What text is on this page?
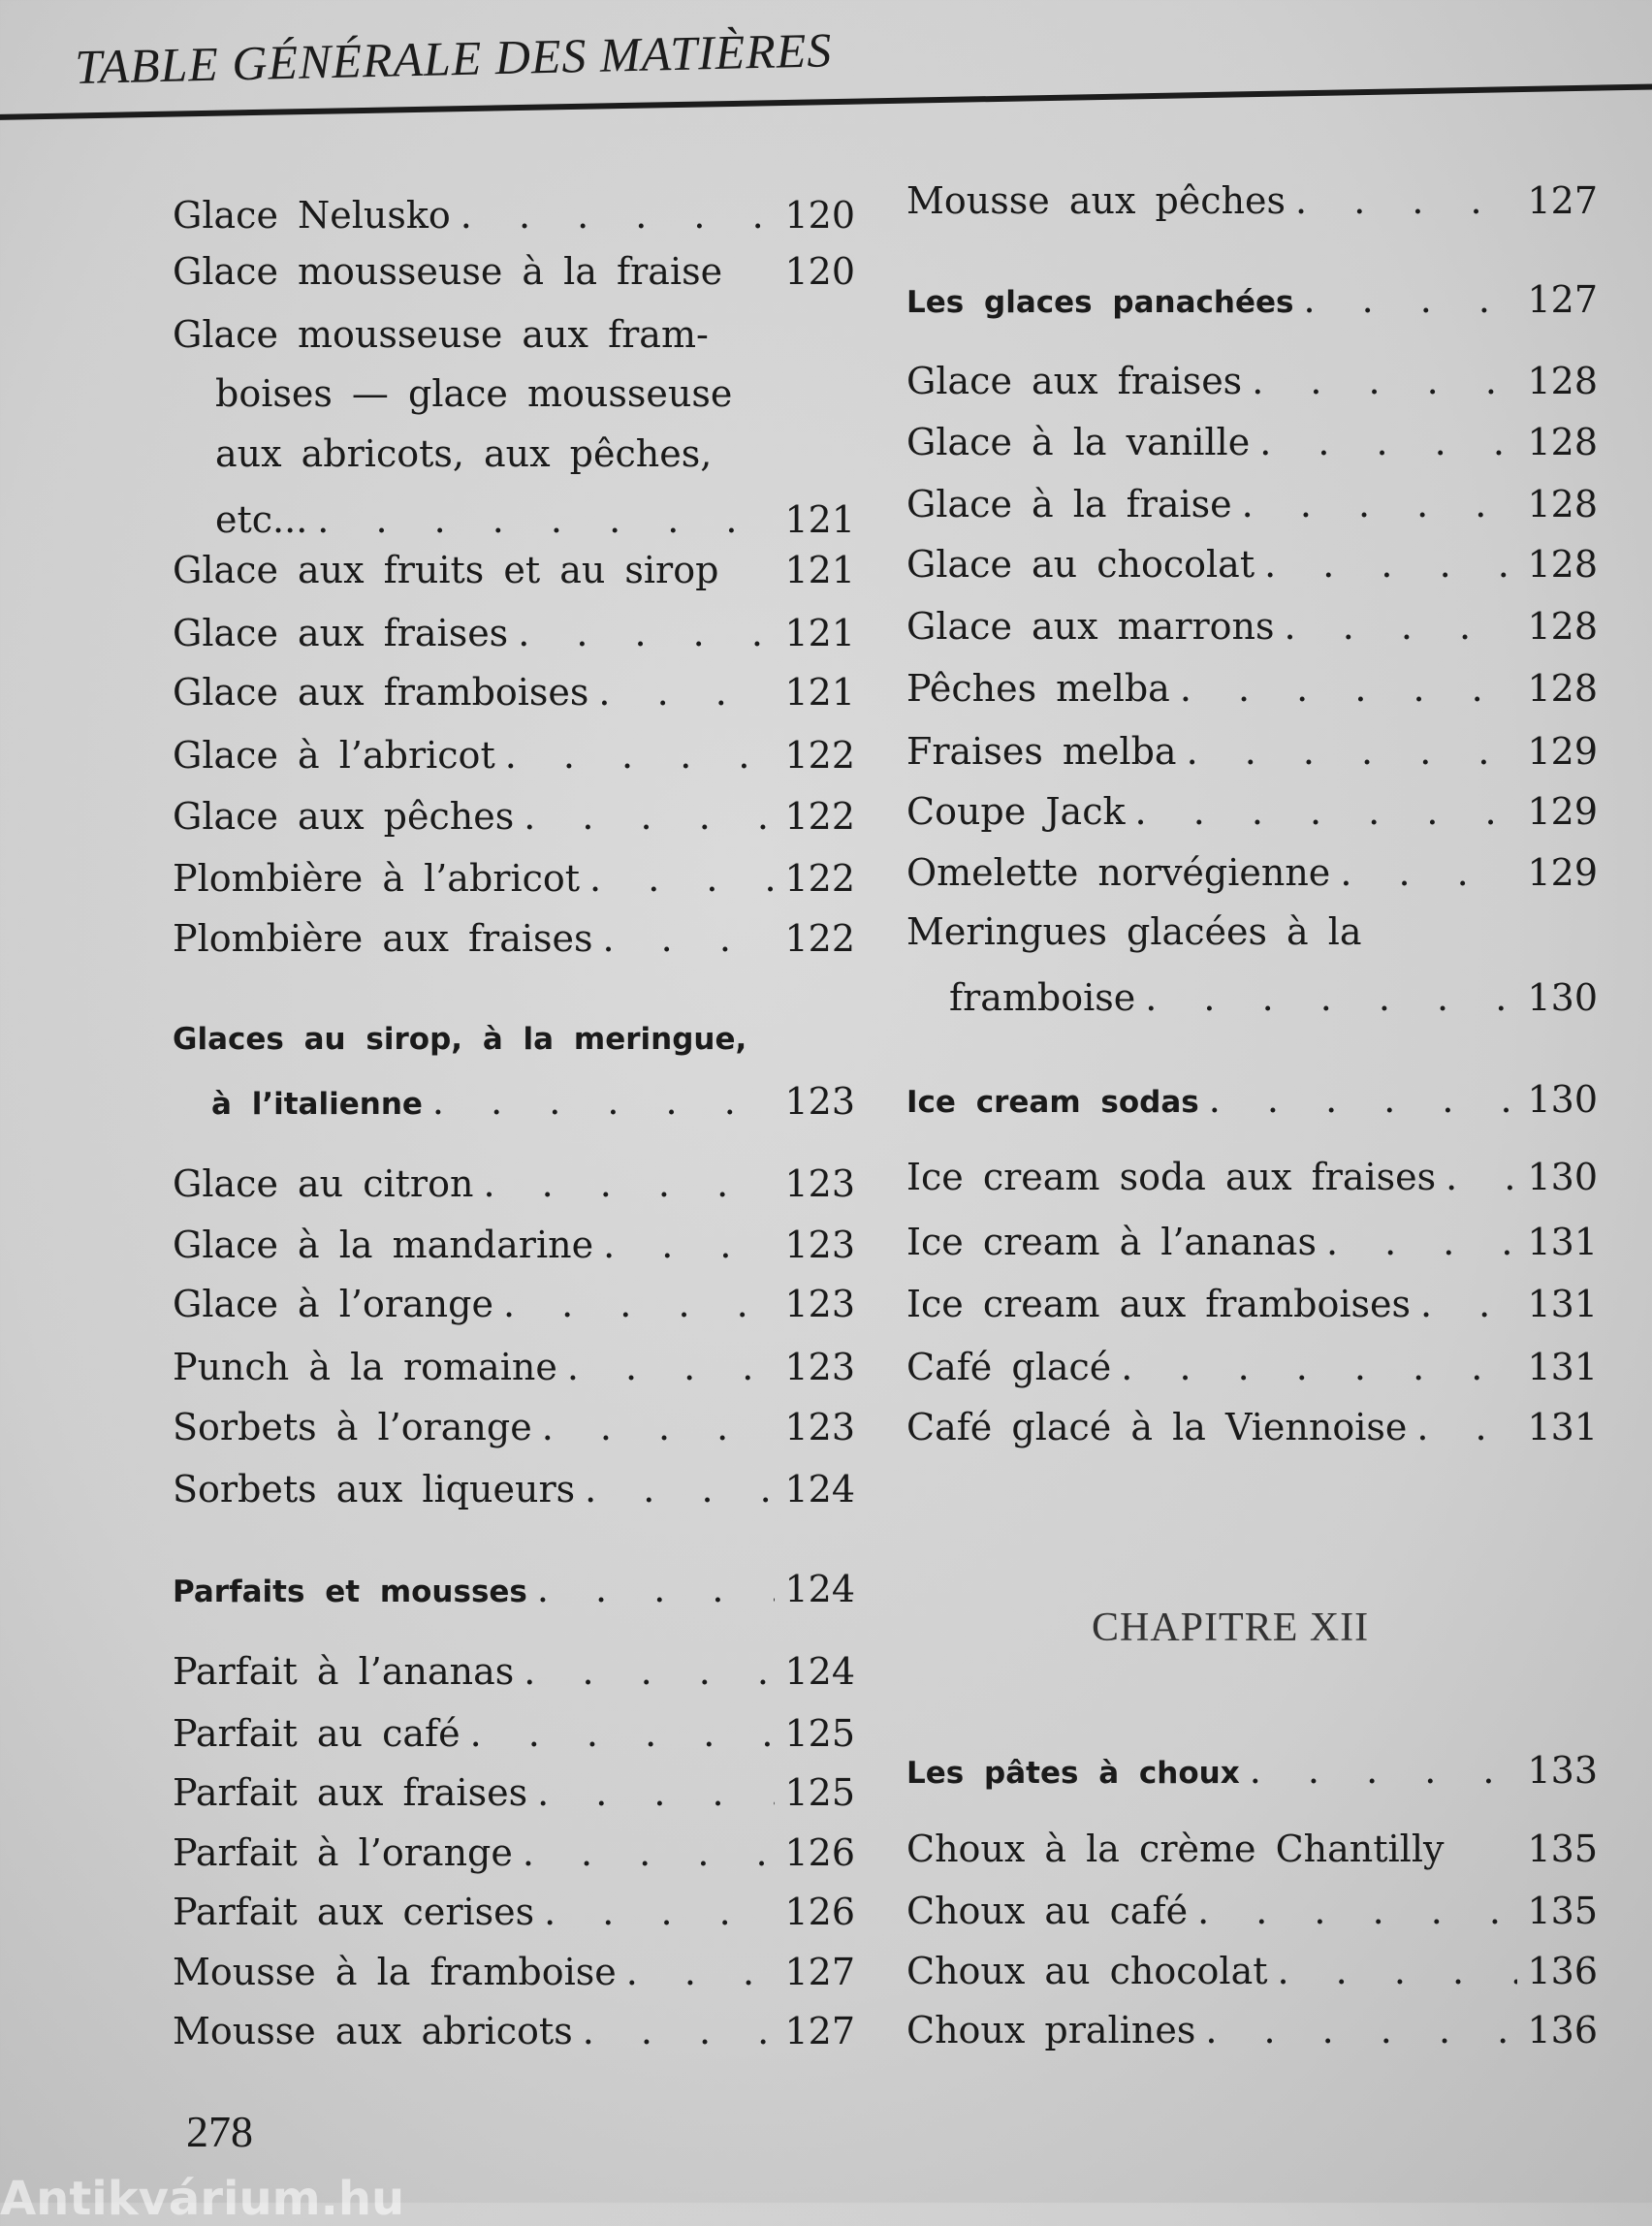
TABLE GÉNÉRALE DES MATIÈRES
Glace Nelusko . . .	120
Glace mousseuse à la fraise 120
Glace mousseuse aux fram-
boises — glace mousseuse
aux abricots, aux pêches,
etc... . . .	121
Glace aux fruits et au sirop 121
Glace aux fraises . . .	121
Glace aux framboises . . .	121
Glace à l’abricot . . .	122
Glace aux pêches . . .	122
Plombière à l’abricot . . .	122
Plombière aux fraises . . .	122
Glaces au sirop, à la meringue,
à l’italienne . . .	123
Glace au citron . . .	123
Glace à la mandarine . . .	123
Glace à l’orange . . .	123
Punch à la romaine . . .	123
Sorbets à l’orange . . .	123
Sorbets aux liqueurs . . .	124
Parfaits et mousses . . .	124
Parfait à l’ananas . . .	124
Parfait au café . . .	125
Parfait aux fraises . . .	125
Parfait à l’orange . . .	126
Parfait aux cerises . . .	126
Mousse à la framboise . . .	127
Mousse aux abricots . . .	127
Mousse aux pêches . . .	127
Les glaces panachées . . .	127
Glace aux fraises . . .	128
Glace à la vanille . . .	128
Glace à la fraise . . .	128
Glace au chocolat . . .	128
Glace aux marrons . . .	128
Pêches melba . . .	128
Fraises melba . . .	129
Coupe Jack . . .	129
Omelette norvégienne . . .	129
Meringues glacées à la
framboise . . .	130
Ice cream sodas . . .	130
Ice cream soda aux fraises . . . 130
Ice cream à l’ananas . . .	131
Ice cream aux framboises . . .	131
Café glacé . . .	131
Café glacé à la Viennoise . . .	131
Les pâtes à choux . . .	133
Choux à la crème Chantilly 135
Choux au café . . .	135
Choux au chocolat . . .	136
Choux pralines . . .	136
CHAPITRE XII
278
Antikvárium.hu
